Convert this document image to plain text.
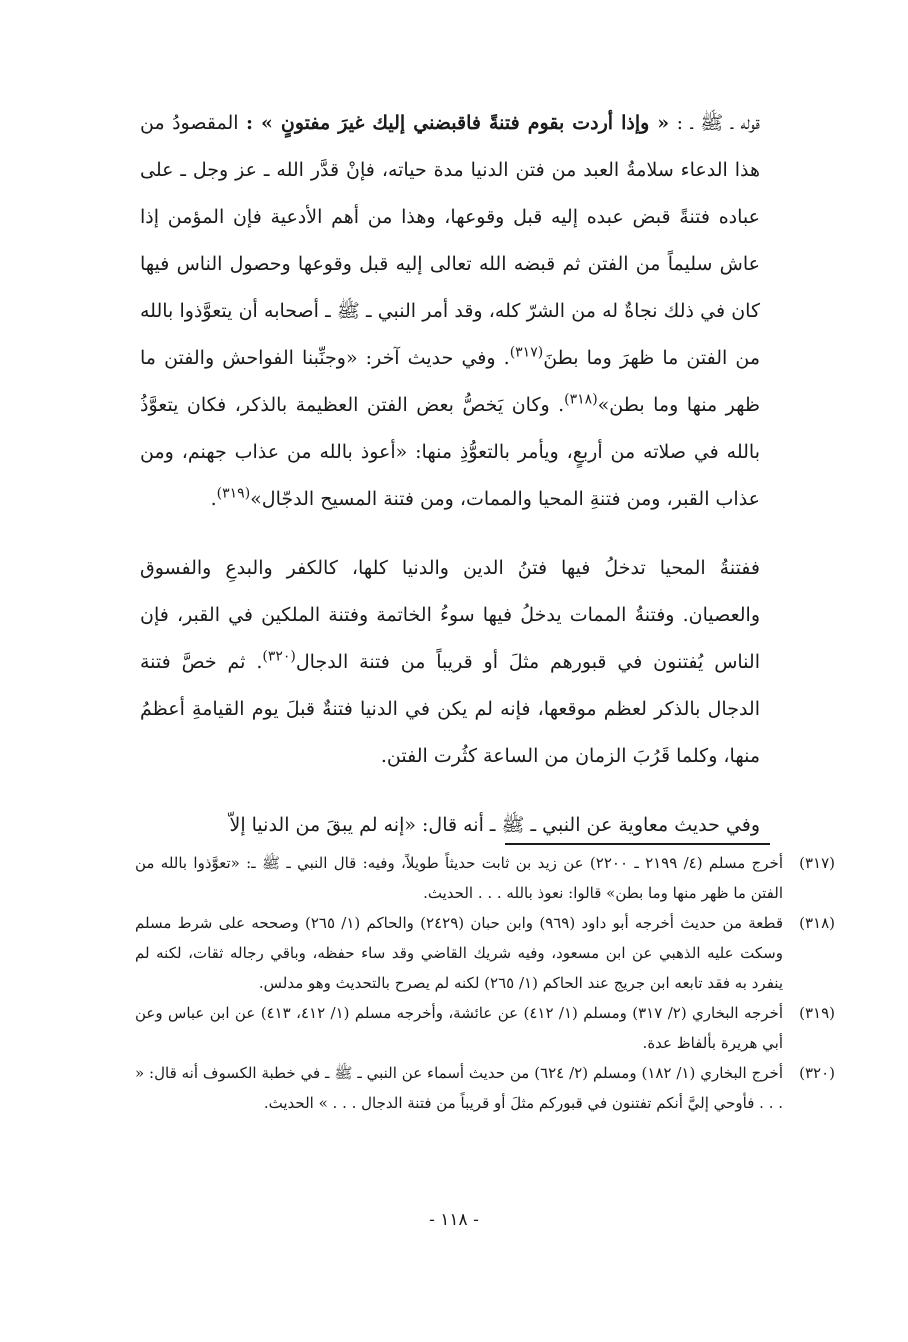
قوله ـ ﷺ ـ : « وإذا أردت بقوم فتنةً فاقبضني إليك غيرَ مفتونٍ » : المقصودُ من هذا الدعاء سلامةُ العبد من فتن الدنيا مدة حياته، فإنْ قدَّر الله ـ عز وجل ـ على عباده فتنةً قبض عبده إليه قبل وقوعها، وهذا من أهم الأدعية فإن المؤمن إذا عاش سليماً من الفتن ثم قبضه الله تعالى إليه قبل وقوعها وحصول الناس فيها كان في ذلك نجاةٌ له من الشرّ كله، وقد أمر النبي ـ ﷺ ـ أصحابه أن يتعوَّذوا بالله من الفتن ما ظهرَ وما بطنَ$^{(٣١٧)}$. وفي حديث آخر: «وجنِّبنا الفواحش والفتن ما ظهر منها وما بطن»$^{(٣١٨)}$. وكان يَخصُّ بعض الفتن العظيمة بالذكر، فكان يتعوَّذُ بالله في صلاته من أربعٍ، ويأمر بالتعوُّذِ منها: «أعوذ بالله من عذاب جهنم، ومن عذاب القبر، ومن فتنةِ المحيا والممات، ومن فتنة المسيح الدجّال»$^{(٣١٩)}$.

ففتنةُ المحيا تدخلُ فيها فتنُ الدين والدنيا كلها، كالكفر والبدعِ والفسوق والعصيان. وفتنةُ الممات يدخلُ فيها سوءُ الخاتمة وفتنة الملكين في القبر، فإن الناس يُفتنون في قبورهم مثلَ أو قريباً من فتنة الدجال$^{(٣٢٠)}$. ثم خصَّ فتنة الدجال بالذكر لعظم موقعها، فإنه لم يكن في الدنيا فتنةٌ قبلَ يوم القيامةِ أعظمُ منها، وكلما قَرُبَ الزمان من الساعة كثُرت الفتن.

وفي حديث معاوية عن النبي ـ ﷺ ـ أنه قال: «إنه لم يبقَ من الدنيا إلاّ

(٣١٧)
أخرج مسلم (٤/ ٢١٩٩ ـ ٢٢٠٠) عن زيد بن ثابت حديثاً طويلاً، وفيه: قال النبي ـ ﷺ ـ: «تعوَّذوا بالله من الفتن ما ظهر منها وما بطن» قالوا: نعوذ بالله . . . الحديث.
(٣١٨)
قطعة من حديث أخرجه أبو داود (٩٦٩) وابن حبان (٢٤٢٩) والحاكم (١/ ٢٦٥) وصححه على شرط مسلم وسكت عليه الذهبي عن ابن مسعود، وفيه شريك القاضي وقد ساء حفظه، وباقي رجاله ثقات، لكنه لم ينفرد به فقد تابعه ابن جريج عند الحاكم (١/ ٢٦٥) لكنه لم يصرح بالتحديث وهو مدلس.
(٣١٩)
أخرجه البخاري (٢/ ٣١٧) ومسلم (١/ ٤١٢) عن عائشة، وأخرجه مسلم (١/ ٤١٢، ٤١٣) عن ابن عباس وعن أبي هريرة بألفاظ عدة.
(٣٢٠)
أخرج البخاري (١/ ١٨٢) ومسلم (٢/ ٦٢٤) من حديث أسماء عن النبي ـ ﷺ ـ في خطبة الكسوف أنه قال: « . . . فأوحي إليَّ أنكم تفتنون في قبوركم مثلَ أو قريباً من فتنة الدجال . . . » الحديث.
- ١١٨ -
